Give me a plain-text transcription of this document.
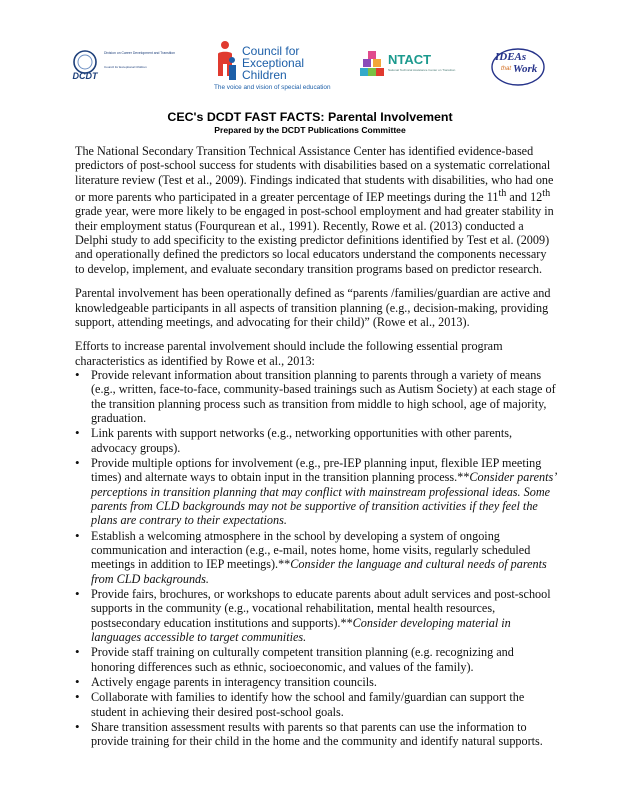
DCDT
Division on Career Development and Transition
Council for Exceptional Children
Council for
Exceptional
Children
The voice and vision of special education
NTACT
National Technical Assistance Center on Transition
IDEAs
that Work
CEC's DCDT FAST FACTS: Parental Involvement
Prepared by the DCDT Publications Committee

The National Secondary Transition Technical Assistance Center has identified evidence-based predictors of post-school success for students with disabilities based on a systematic correlational literature review (Test et al., 2009). Findings indicated that students with disabilities, who had one or more parents who participated in a greater percentage of IEP meetings during the 11th and 12th grade year, were more likely to be engaged in post-school employment and had greater stability in their employment status (Fourqurean et al., 1991). Recently, Rowe et al. (2013) conducted a Delphi study to add specificity to the existing predictor definitions identified by Test et al. (2009) and operationally defined the predictors so local educators understand the components necessary to develop, implement, and evaluate secondary transition programs based on predictor research.

Parental involvement has been operationally defined as “parents /families/guardian are active and knowledgeable participants in all aspects of transition planning (e.g., decision-making, providing support, attending meetings, and advocating for their child)” (Rowe et al., 2013).

Efforts to increase parental involvement should include the following essential program characteristics as identified by Rowe et al., 2013:

• Provide relevant information about transition planning to parents through a variety of means (e.g., written, face-to-face, community-based trainings such as Autism Society) at each stage of the transition planning process such as transition from middle to high school, age of majority, graduation.
• Link parents with support networks (e.g., networking opportunities with other parents, advocacy groups).
• Provide multiple options for involvement (e.g., pre-IEP planning input, flexible IEP meeting times) and alternate ways to obtain input in the transition planning process.**Consider parents’ perceptions in transition planning that may conflict with mainstream professional ideas. Some parents from CLD backgrounds may not be supportive of transition activities if they feel the plans are contrary to their expectations.
• Establish a welcoming atmosphere in the school by developing a system of ongoing communication and interaction (e.g., e-mail, notes home, home visits, regularly scheduled meetings in addition to IEP meetings).**Consider the language and cultural needs of parents from CLD backgrounds.
• Provide fairs, brochures, or workshops to educate parents about adult services and post-school supports in the community (e.g., vocational rehabilitation, mental health resources, postsecondary education institutions and supports).**Consider developing material in languages accessible to target communities.
• Provide staff training on culturally competent transition planning (e.g. recognizing and honoring differences such as ethnic, socioeconomic, and values of the family).
• Actively engage parents in interagency transition councils.
• Collaborate with families to identify how the school and family/guardian can support the student in achieving their desired post-school goals.
• Share transition assessment results with parents so that parents can use the information to provide training for their child in the home and the community and identify natural supports.
